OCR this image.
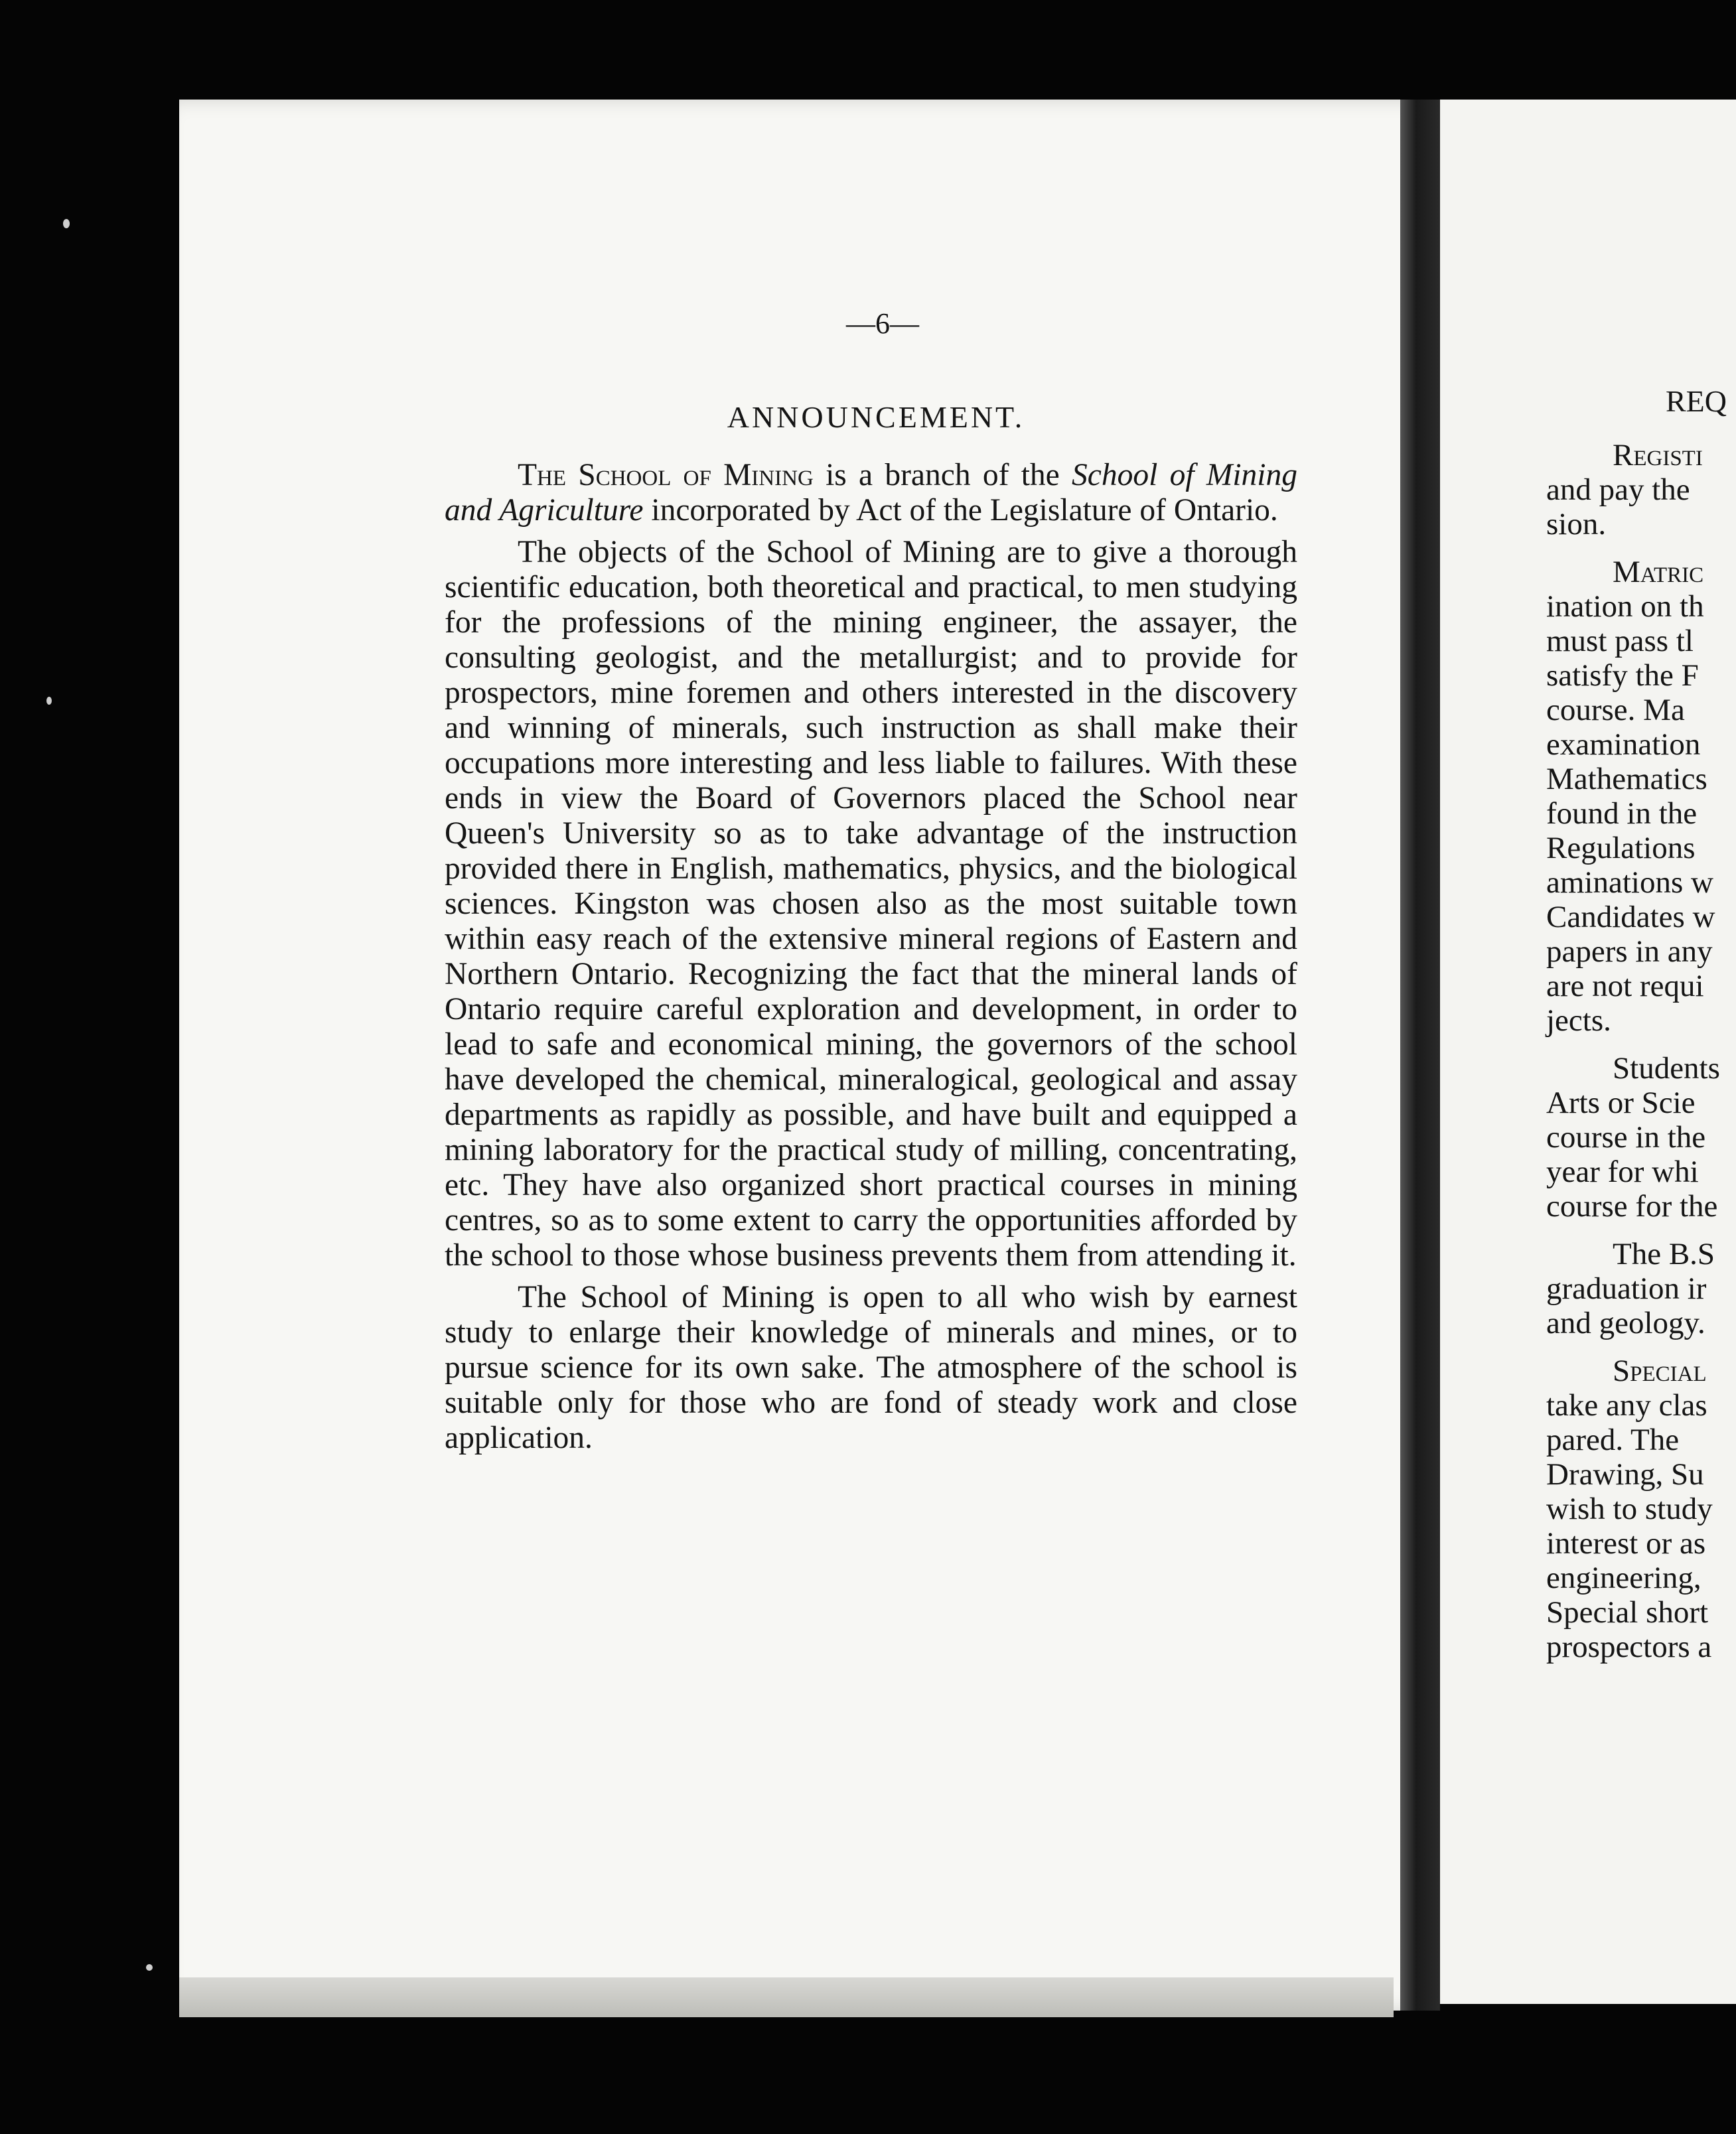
—6—
ANNOUNCEMENT.

The School of Mining is a branch of the School of Mining and Agriculture incorporated by Act of the Legislature of Ontario.

The objects of the School of Mining are to give a thorough scientific education, both theoretical and practical, to men studying for the professions of the mining engineer, the assayer, the consulting geologist, and the metallurgist; and to provide for prospectors, mine foremen and others interested in the discovery and winning of minerals, such instruction as shall make their occupations more interesting and less liable to failures. With these ends in view the Board of Governors placed the School near Queen's University so as to take advantage of the instruction provided there in English, mathematics, physics, and the biological sciences. Kingston was chosen also as the most suitable town within easy reach of the extensive mineral regions of Eastern and Northern Ontario. Recognizing the fact that the mineral lands of Ontario require careful exploration and development, in order to lead to safe and economical mining, the governors of the school have developed the chemical, mineralogical, geological and assay departments as rapidly as possible, and have built and equipped a mining laboratory for the practical study of milling, concentrating, etc. They have also organized short practical courses in mining centres, so as to some extent to carry the opportunities afforded by the school to those whose business prevents them from attending it.

The School of Mining is open to all who wish by earnest study to enlarge their knowledge of minerals and mines, or to pursue science for its own sake. The atmosphere of the school is suitable only for those who are fond of steady work and close application.

REQ
Registi
and pay the
sion.
Matric
ination on th
must pass tl
satisfy the F
course. Ma
examination
Mathematics
found in the
Regulations
aminations w
Candidates w
papers in any
are not requi
jects.
Students
Arts or Scie
course in the
year for whi
course for the
The B.S
graduation ir
and geology.
Special
take any clas
pared. The
Drawing, Su
wish to study
interest or as
engineering,
Special short
prospectors a
